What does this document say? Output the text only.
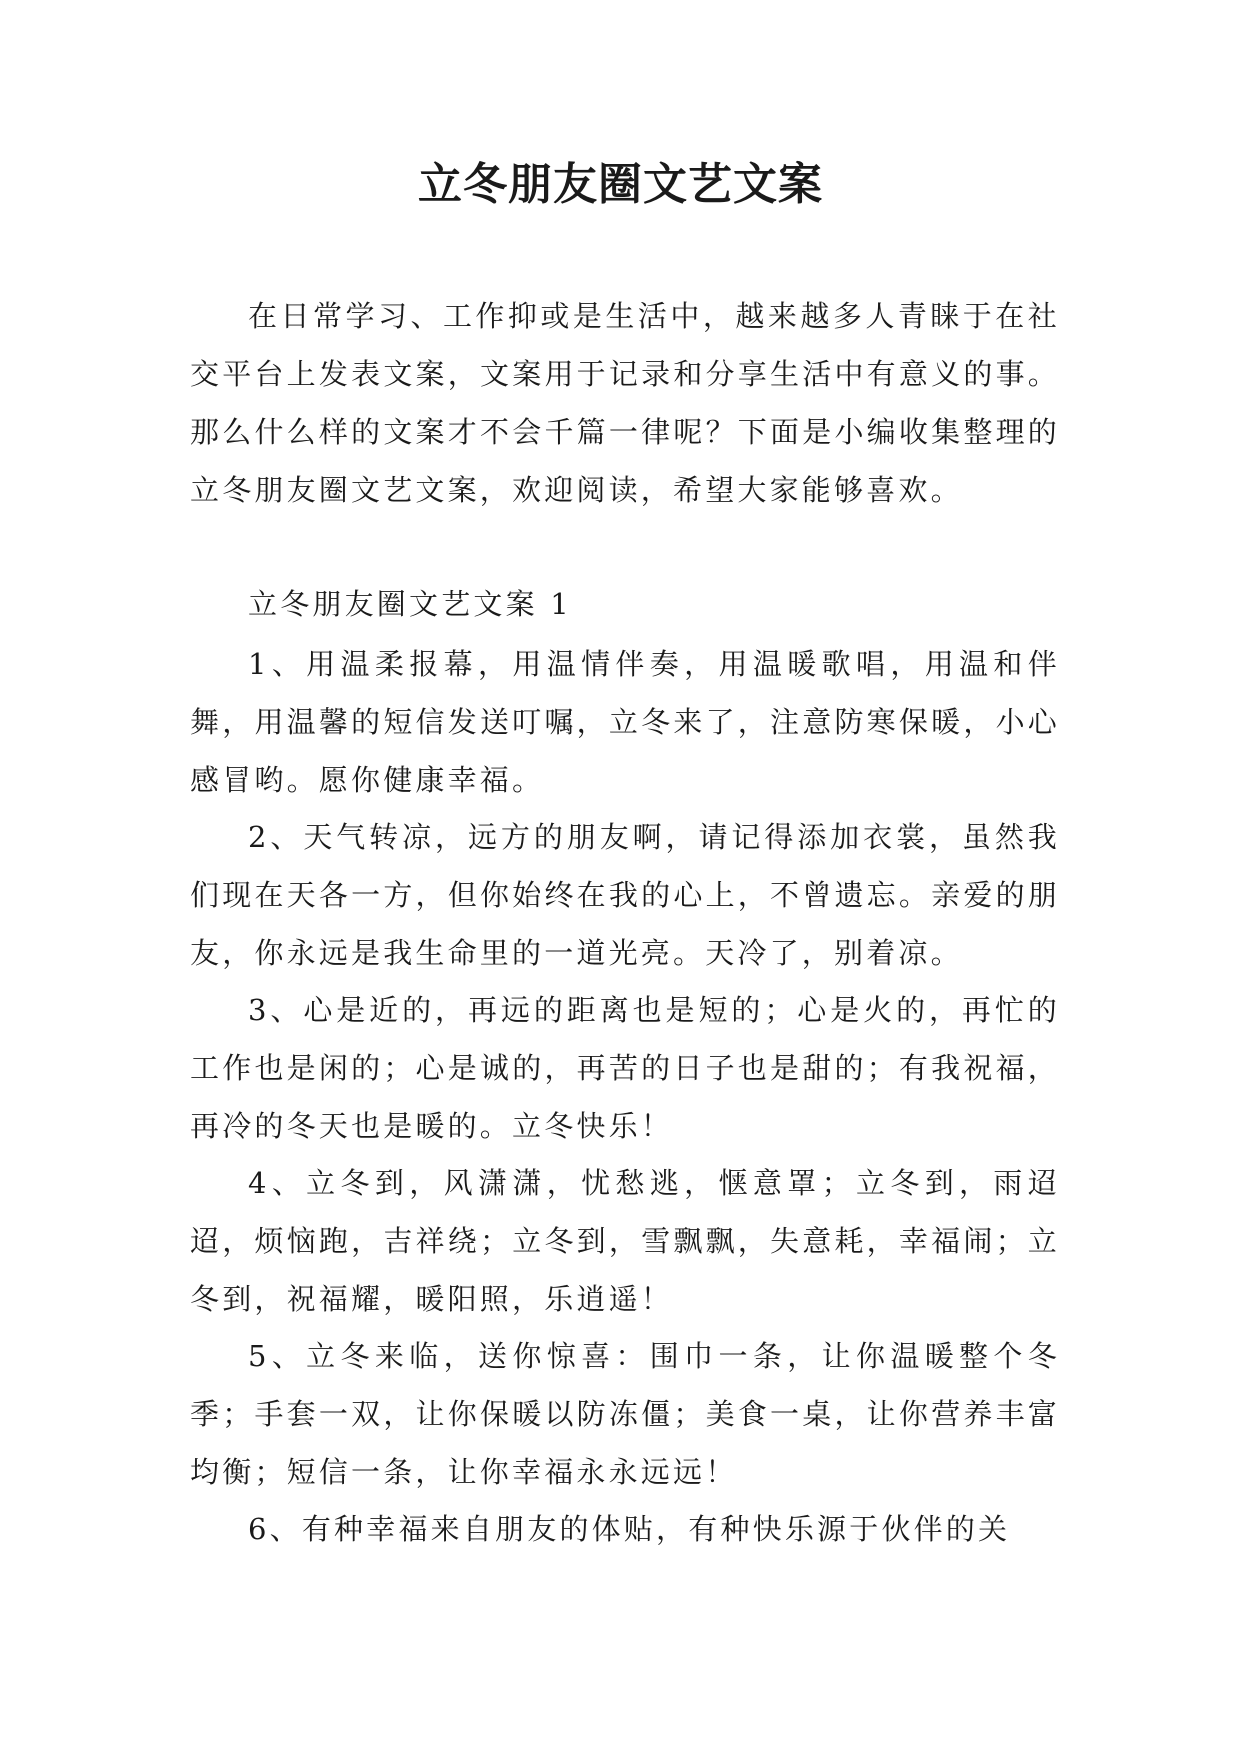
立冬朋友圈文艺文案

在日常学习、工作抑或是生活中，越来越多人青睐于在社交平台上发表文案，文案用于记录和分享生活中有意义的事。那么什么样的文案才不会千篇一律呢？下面是小编收集整理的立冬朋友圈文艺文案，欢迎阅读，希望大家能够喜欢。

立冬朋友圈文艺文案 1

1、用温柔报幕，用温情伴奏，用温暖歌唱，用温和伴舞，用温馨的短信发送叮嘱，立冬来了，注意防寒保暖，小心感冒哟。愿你健康幸福。

2、天气转凉，远方的朋友啊，请记得添加衣裳，虽然我们现在天各一方，但你始终在我的心上，不曾遗忘。亲爱的朋友，你永远是我生命里的一道光亮。天冷了，别着凉。

3、心是近的，再远的距离也是短的；心是火的，再忙的工作也是闲的；心是诚的，再苦的日子也是甜的；有我祝福，再冷的冬天也是暖的。立冬快乐！

4、立冬到，风潇潇，忧愁逃，惬意罩；立冬到，雨迢迢，烦恼跑，吉祥绕；立冬到，雪飘飘，失意耗，幸福闹；立冬到，祝福耀，暖阳照，乐逍遥！

5、立冬来临，送你惊喜：围巾一条，让你温暖整个冬季；手套一双，让你保暖以防冻僵；美食一桌，让你营养丰富均衡；短信一条，让你幸福永永远远！

6、有种幸福来自朋友的体贴，有种快乐源于伙伴的关
